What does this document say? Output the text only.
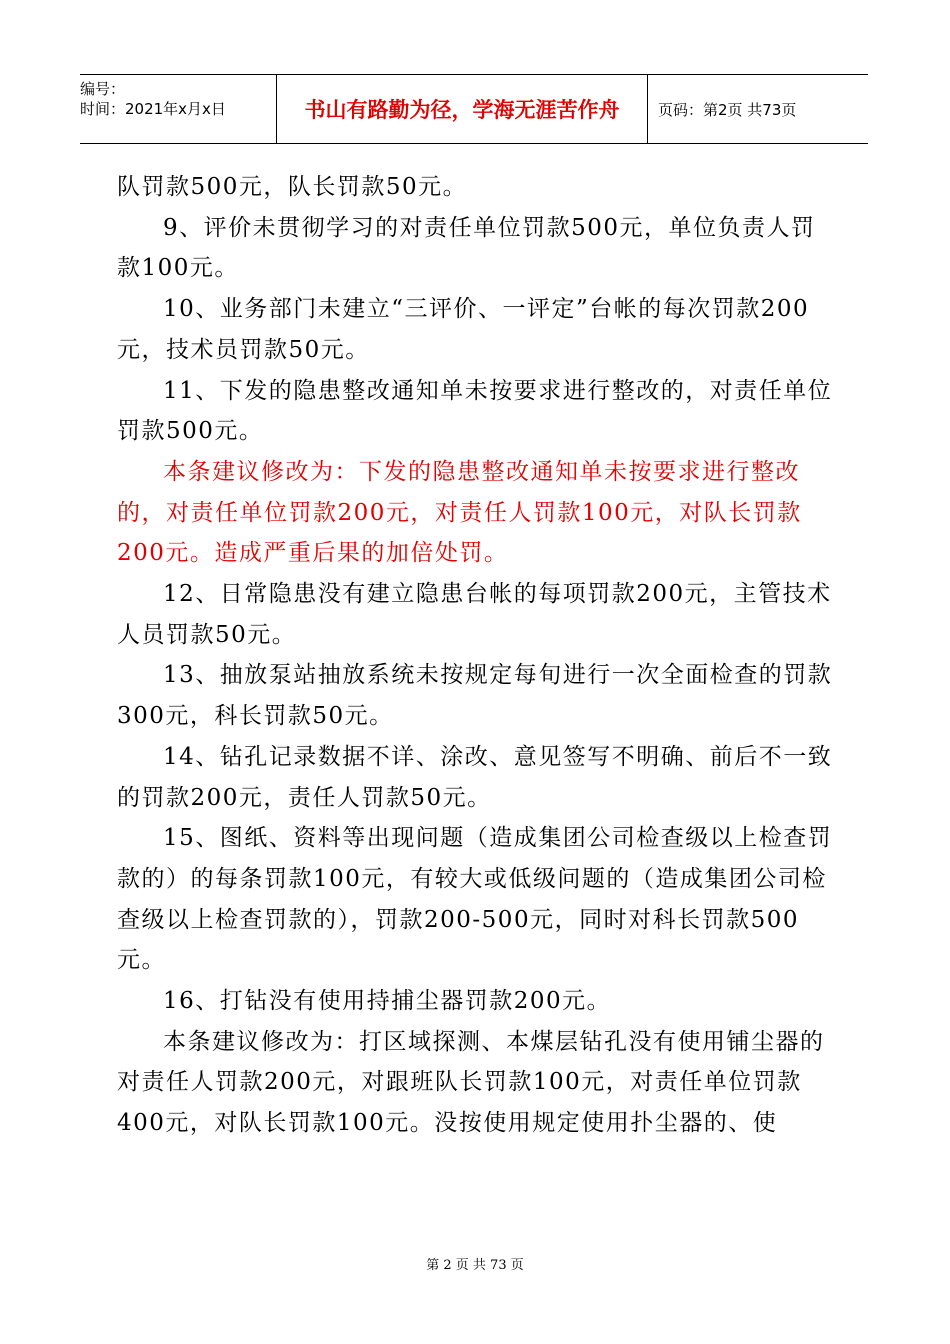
编号：
时间：2021年x月x日	书山有路勤为径，学海无涯苦作舟	页码：第2页 共73页

队罚款500元，队长罚款50元。

9、评价未贯彻学习的对责任单位罚款500元，单位负责人罚款100元。

10、业务部门未建立“三评价、一评定”台帐的每次罚款200元，技术员罚款50元。

11、下发的隐患整改通知单未按要求进行整改的，对责任单位罚款500元。

本条建议修改为：下发的隐患整改通知单未按要求进行整改的，对责任单位罚款200元，对责任人罚款100元，对队长罚款200元。造成严重后果的加倍处罚。

12、日常隐患没有建立隐患台帐的每项罚款200元，主管技术人员罚款50元。

13、抽放泵站抽放系统未按规定每旬进行一次全面检查的罚款300元，科长罚款50元。

14、钻孔记录数据不详、涂改、意见签写不明确、前后不一致的罚款200元，责任人罚款50元。

15、图纸、资料等出现问题（造成集团公司检查级以上检查罚款的）的每条罚款100元，有较大或低级问题的（造成集团公司检查级以上检查罚款的），罚款200-500元，同时对科长罚款500元。

16、打钻没有使用持捕尘器罚款200元。

本条建议修改为：打区域探测、本煤层钻孔没有使用铺尘器的对责任人罚款200元，对跟班队长罚款100元，对责任单位罚款400元，对队长罚款100元。没按使用规定使用扑尘器的、使

第 2 页 共 73 页
